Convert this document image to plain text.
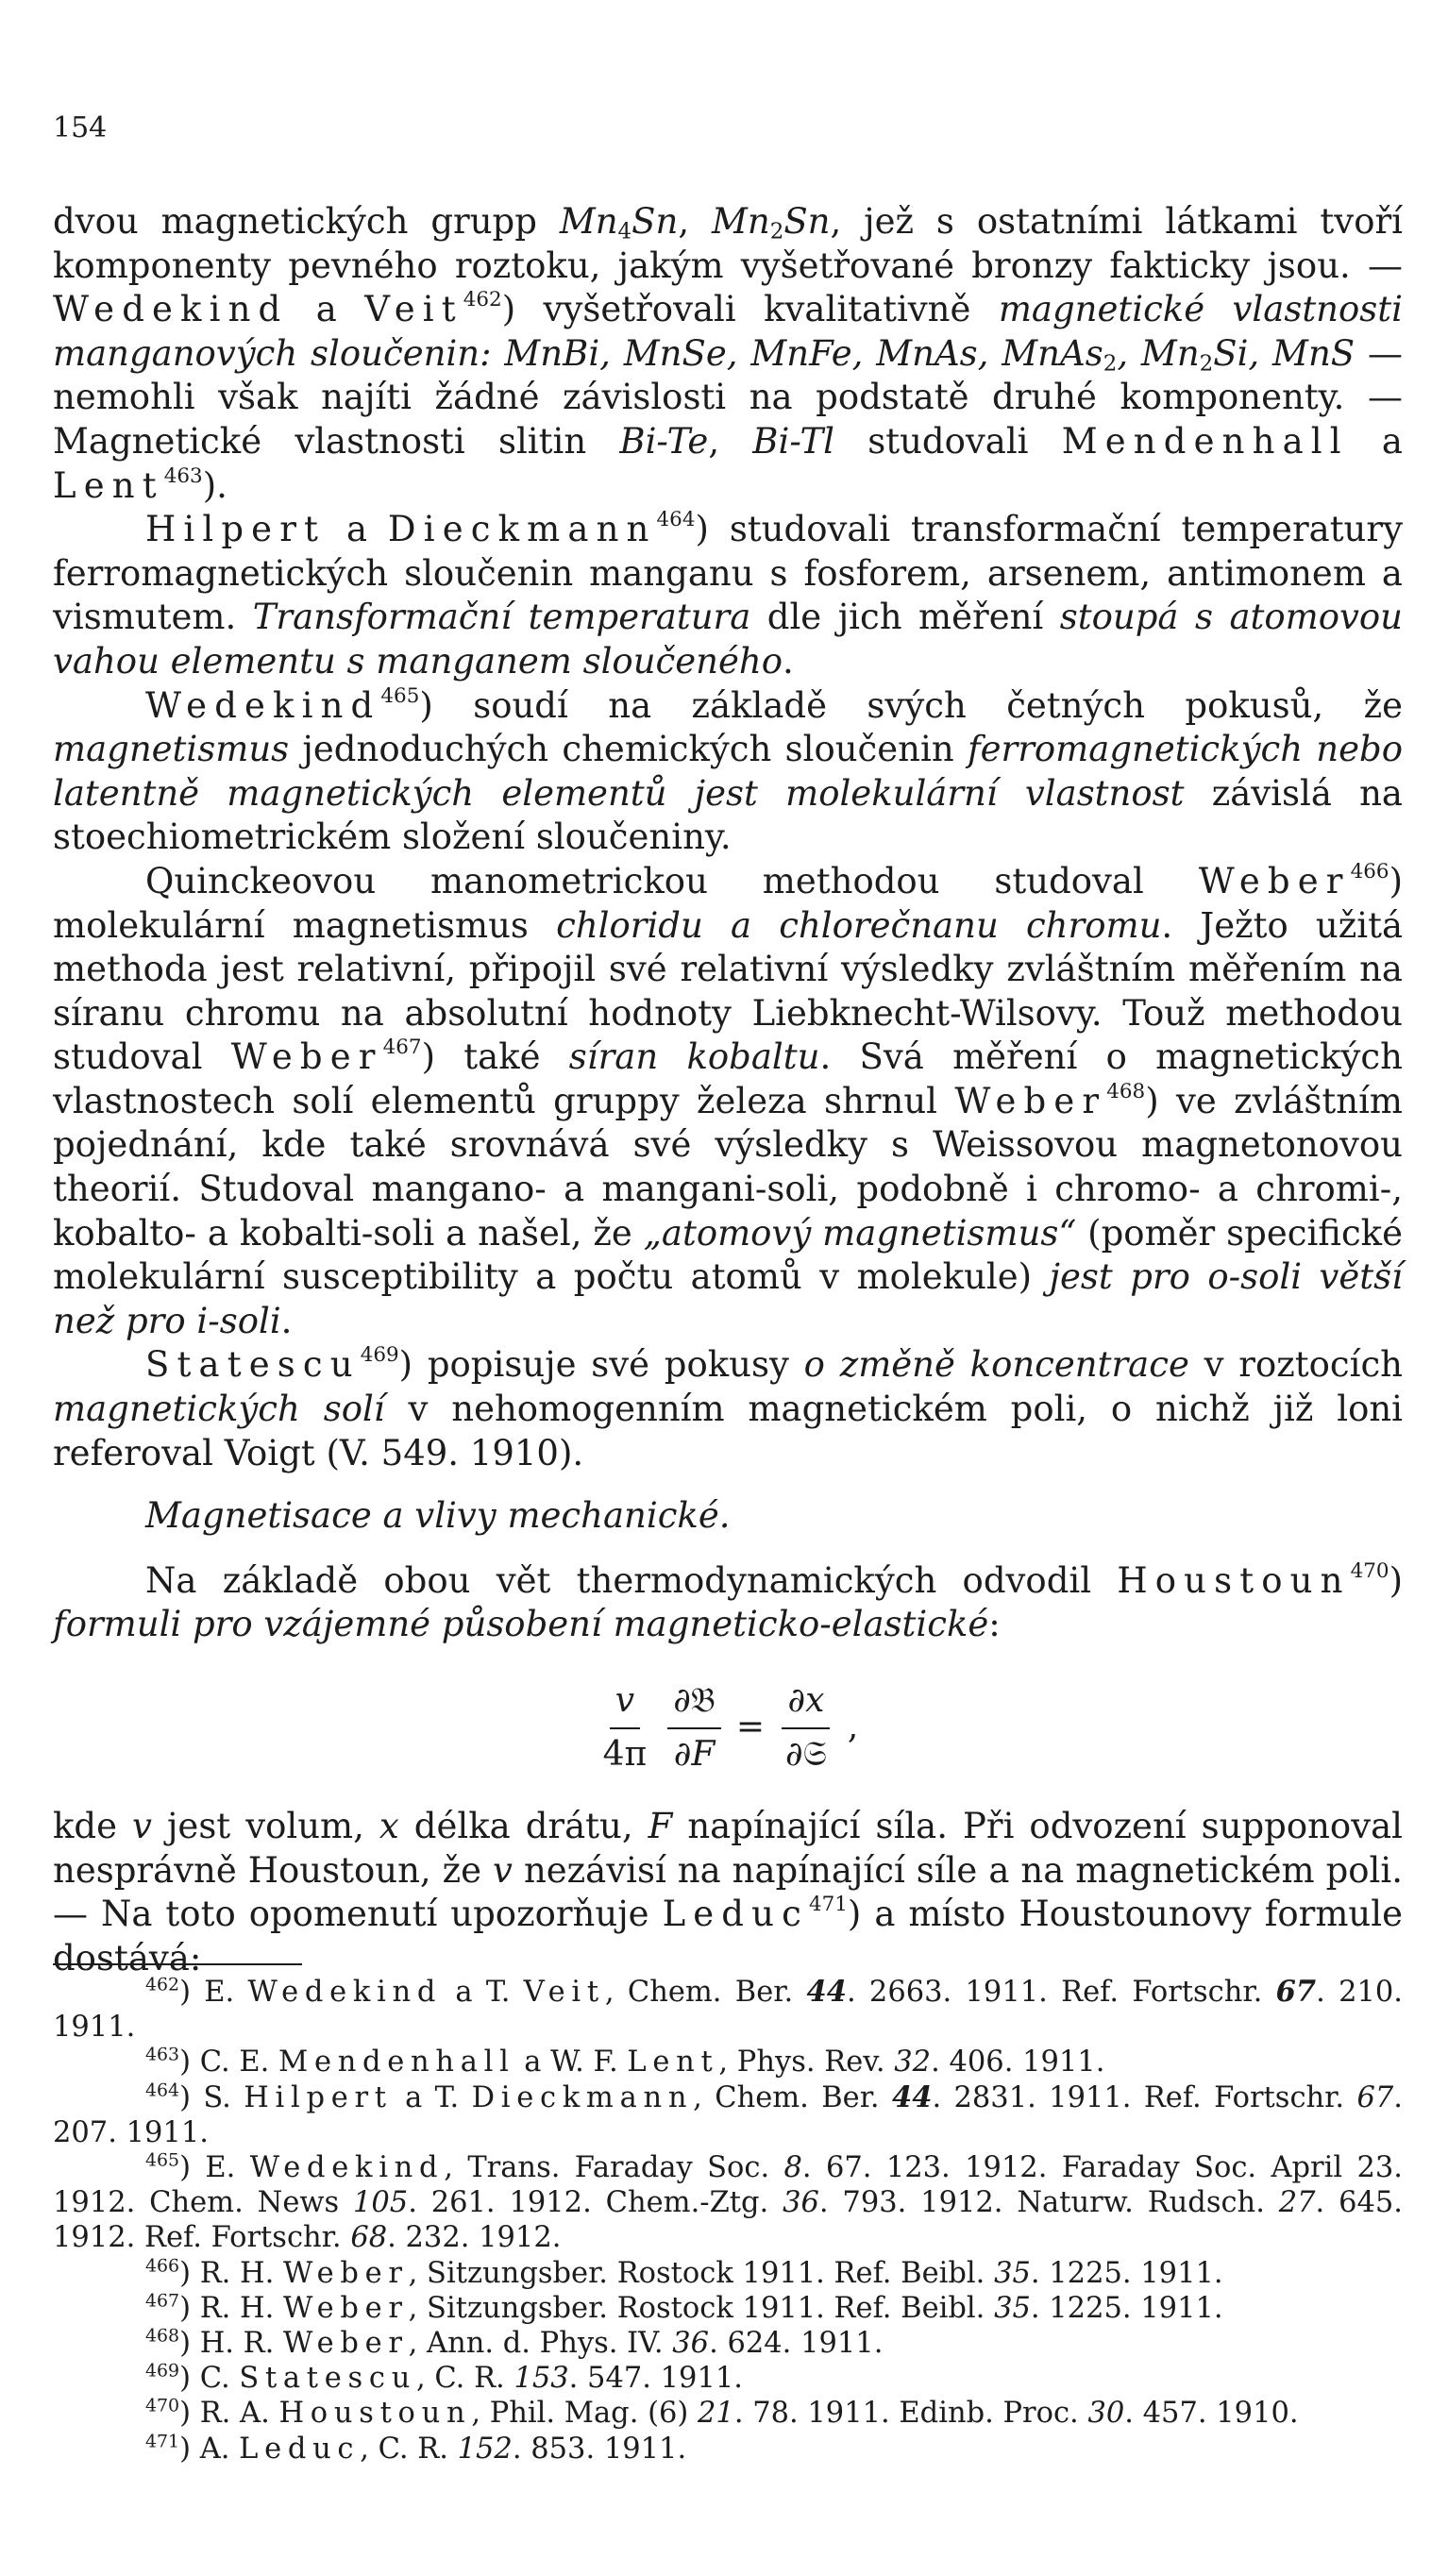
154

dvou magnetických grupp $Mn_4Sn$, $Mn_2Sn$, jež s ostatními látkami tvoří komponenty pevného roztoku, jakým vyšetřované bronzy fakticky jsou. — Wedekind a Veit$^{462}$) vyšetřovali kvalitativně magnetické vlastnosti manganových sloučenin: MnBi, MnSe, MnFe, MnAs, MnAs$_2$, $Mn_2Si$, MnS — nemohli však najíti žádné závislosti na podstatě druhé komponenty. — Magnetické vlastnosti slitin Bi-Te, Bi-Tl studovali Mendenhall a Lent$^{463}$).

Hilpert a Dieckmann$^{464}$) studovali transformační temperatury ferromagnetických sloučenin manganu s fosforem, arsenem, antimonem a vismutem. Transformační temperatura dle jich měření stoupá s atomovou vahou elementu s manganem sloučeného.

Wedekind$^{465}$) soudí na základě svých četných pokusů, že magnetismus jednoduchých chemických sloučenin ferromagnetických nebo latentně magnetických elementů jest molekulární vlastnost závislá na stoechiometrickém složení sloučeniny.

Quinckeovou manometrickou methodou studoval Weber$^{466}$) molekulární magnetismus chloridu a chlorečnanu chromu. Ježto užitá methoda jest relativní, připojil své relativní výsledky zvláštním měřením na síranu chromu na absolutní hodnoty Liebknecht-Wilsovy. Touž methodou studoval Weber$^{467}$) také síran kobaltu. Svá měření o magnetických vlastnostech solí elementů gruppy železa shrnul Weber$^{468}$) ve zvláštním pojednání, kde také srovnává své výsledky s Weissovou magnetonovou theorií. Studoval mangano- a mangani-soli, podobně i chromo- a chromi-, kobalto- a kobalti-soli a našel, že „atomový magnetismus“ (poměr specifické molekulární susceptibility a počtu atomů v molekule) jest pro o-soli větší než pro i-soli.

Statescu$^{469}$) popisuje své pokusy o změně koncentrace v roztocích magnetických solí v nehomogenním magnetickém poli, o nichž již loni referoval Voigt (V. 549. 1910).

Magnetisace a vlivy mechanické.

Na základě obou vět thermodynamických odvodil Houstoun$^{470}$) formuli pro vzájemné působení magneticko-elastické:

$\frac{v}{4\pi} \frac{\text{∂𝔅}}{\partial F} = \frac{\partial x}{\text{∂𝔖}}$ ,

kde v jest volum, x délka drátu, F napínající síla. Při odvození supponoval nesprávně Houstoun, že v nezávisí na napínající síle a na magnetickém poli. — Na toto opomenutí upozorňuje Leduc$^{471}$) a místo Houstounovy formule dostává:

$^{462}$) E. Wedekind a T. Veit, Chem. Ber. 44. 2663. 1911. Ref. Fortschr. 67. 210. 1911.

$^{463}$) C. E. Mendenhall a W. F. Lent, Phys. Rev. 32. 406. 1911.

$^{464}$) S. Hilpert a T. Dieckmann, Chem. Ber. 44. 2831. 1911. Ref. Fortschr. 67. 207. 1911.

$^{465}$) E. Wedekind, Trans. Faraday Soc. 8. 67. 123. 1912. Faraday Soc. April 23. 1912. Chem. News 105. 261. 1912. Chem.-Ztg. 36. 793. 1912. Naturw. Rudsch. 27. 645. 1912. Ref. Fortschr. 68. 232. 1912.

$^{466}$) R. H. Weber, Sitzungsber. Rostock 1911. Ref. Beibl. 35. 1225. 1911.

$^{467}$) R. H. Weber, Sitzungsber. Rostock 1911. Ref. Beibl. 35. 1225. 1911.

$^{468}$) H. R. Weber, Ann. d. Phys. IV. 36. 624. 1911.

$^{469}$) C. Statescu, C. R. 153. 547. 1911.

$^{470}$) R. A. Houstoun, Phil. Mag. (6) 21. 78. 1911. Edinb. Proc. 30. 457. 1910.

$^{471}$) A. Leduc, C. R. 152. 853. 1911.
